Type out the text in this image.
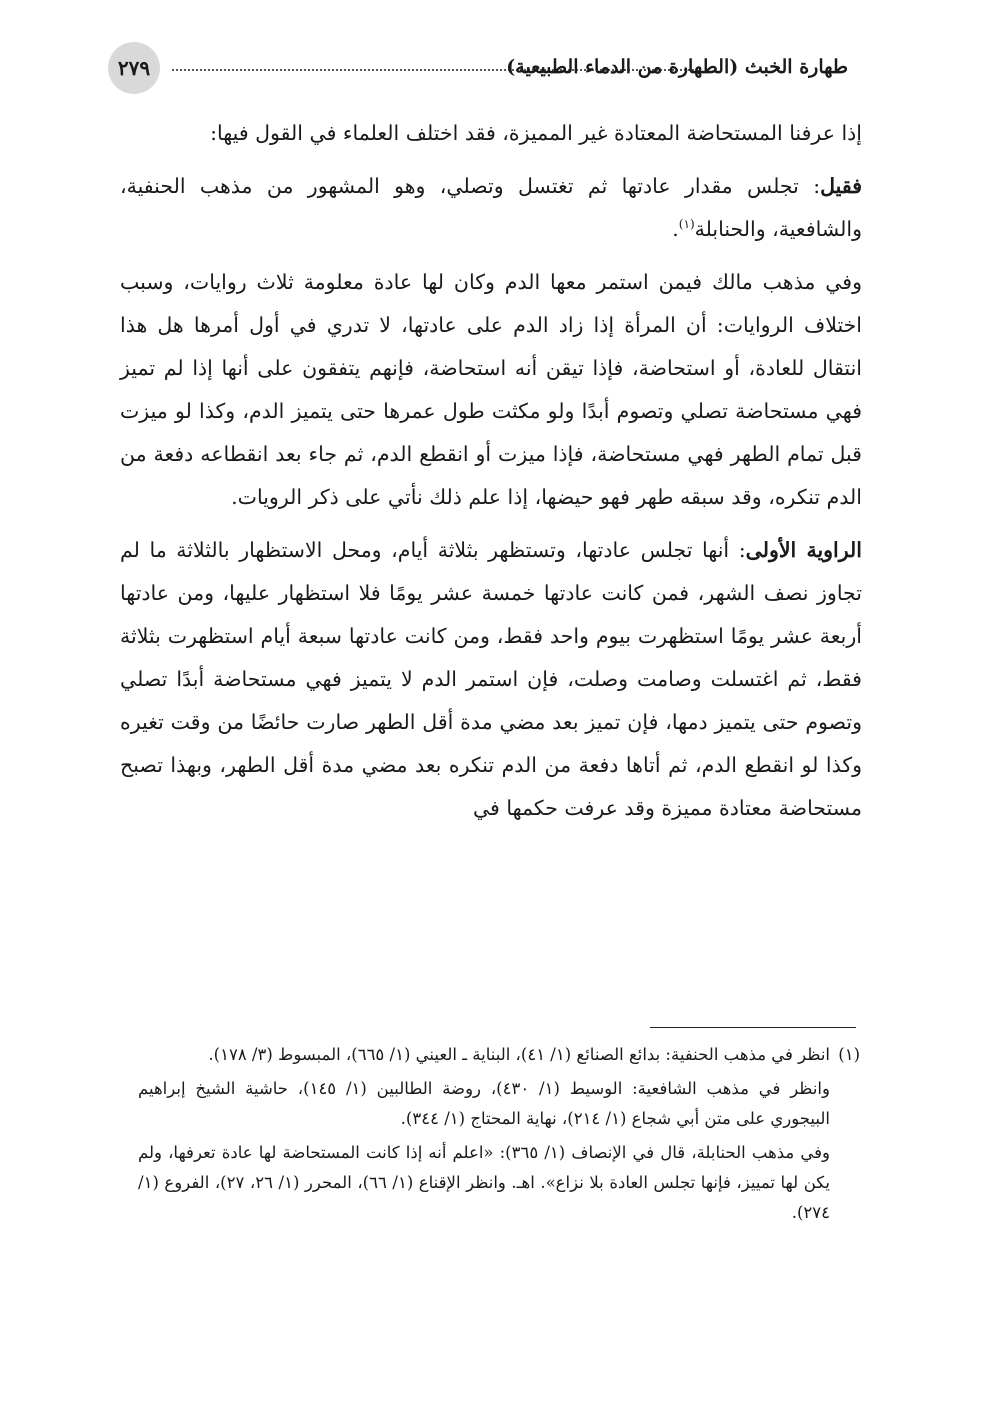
٢٧٩	طهارة الخبث (الطهارة من الدماء الطبيعية)

إذا عرفنا المستحاضة المعتادة غير المميزة، فقد اختلف العلماء في القول فيها:

فقيل: تجلس مقدار عادتها ثم تغتسل وتصلي، وهو المشهور من مذهب الحنفية، والشافعية، والحنابلة$^{(١)}$.

وفي مذهب مالك فيمن استمر معها الدم وكان لها عادة معلومة ثلاث روايات، وسبب اختلاف الروايات: أن المرأة إذا زاد الدم على عادتها، لا تدري في أول أمرها هل هذا انتقال للعادة، أو استحاضة، فإذا تيقن أنه استحاضة، فإنهم يتفقون على أنها إذا لم تميز فهي مستحاضة تصلي وتصوم أبدًا ولو مكثت طول عمرها حتى يتميز الدم، وكذا لو ميزت قبل تمام الطهر فهي مستحاضة، فإذا ميزت أو انقطع الدم، ثم جاء بعد انقطاعه دفعة من الدم تنكره، وقد سبقه طهر فهو حيضها، إذا علم ذلك نأتي على ذكر الرويات.

الراوية الأولى: أنها تجلس عادتها، وتستظهر بثلاثة أيام، ومحل الاستظهار بالثلاثة ما لم تجاوز نصف الشهر، فمن كانت عادتها خمسة عشر يومًا فلا استظهار عليها، ومن عادتها أربعة عشر يومًا استظهرت بيوم واحد فقط، ومن كانت عادتها سبعة أيام استظهرت بثلاثة فقط، ثم اغتسلت وصامت وصلت، فإن استمر الدم لا يتميز فهي مستحاضة أبدًا تصلي وتصوم حتى يتميز دمها، فإن تميز بعد مضي مدة أقل الطهر صارت حائضًا من وقت تغيره وكذا لو انقطع الدم، ثم أتاها دفعة من الدم تنكره بعد مضي مدة أقل الطهر، وبهذا تصبح مستحاضة معتادة مميزة وقد عرفت حكمها في

(١)انظر في مذهب الحنفية: بدائع الصنائع (١/ ٤١)، البناية ـ العيني (١/ ٦٦٥)، المبسوط (٣/ ١٧٨).

وانظر في مذهب الشافعية: الوسيط (١/ ٤٣٠)، روضة الطالبين (١/ ١٤٥)، حاشية الشيخ إبراهيم البيجوري على متن أبي شجاع (١/ ٢١٤)، نهاية المحتاج (١/ ٣٤٤).

وفي مذهب الحنابلة، قال في الإنصاف (١/ ٣٦٥): «اعلم أنه إذا كانت المستحاضة لها عادة تعرفها، ولم يكن لها تمييز، فإنها تجلس العادة بلا نزاع». اهـ. وانظر الإقناع (١/ ٦٦)، المحرر (١/ ٢٦، ٢٧)، الفروع (١/ ٢٧٤).
